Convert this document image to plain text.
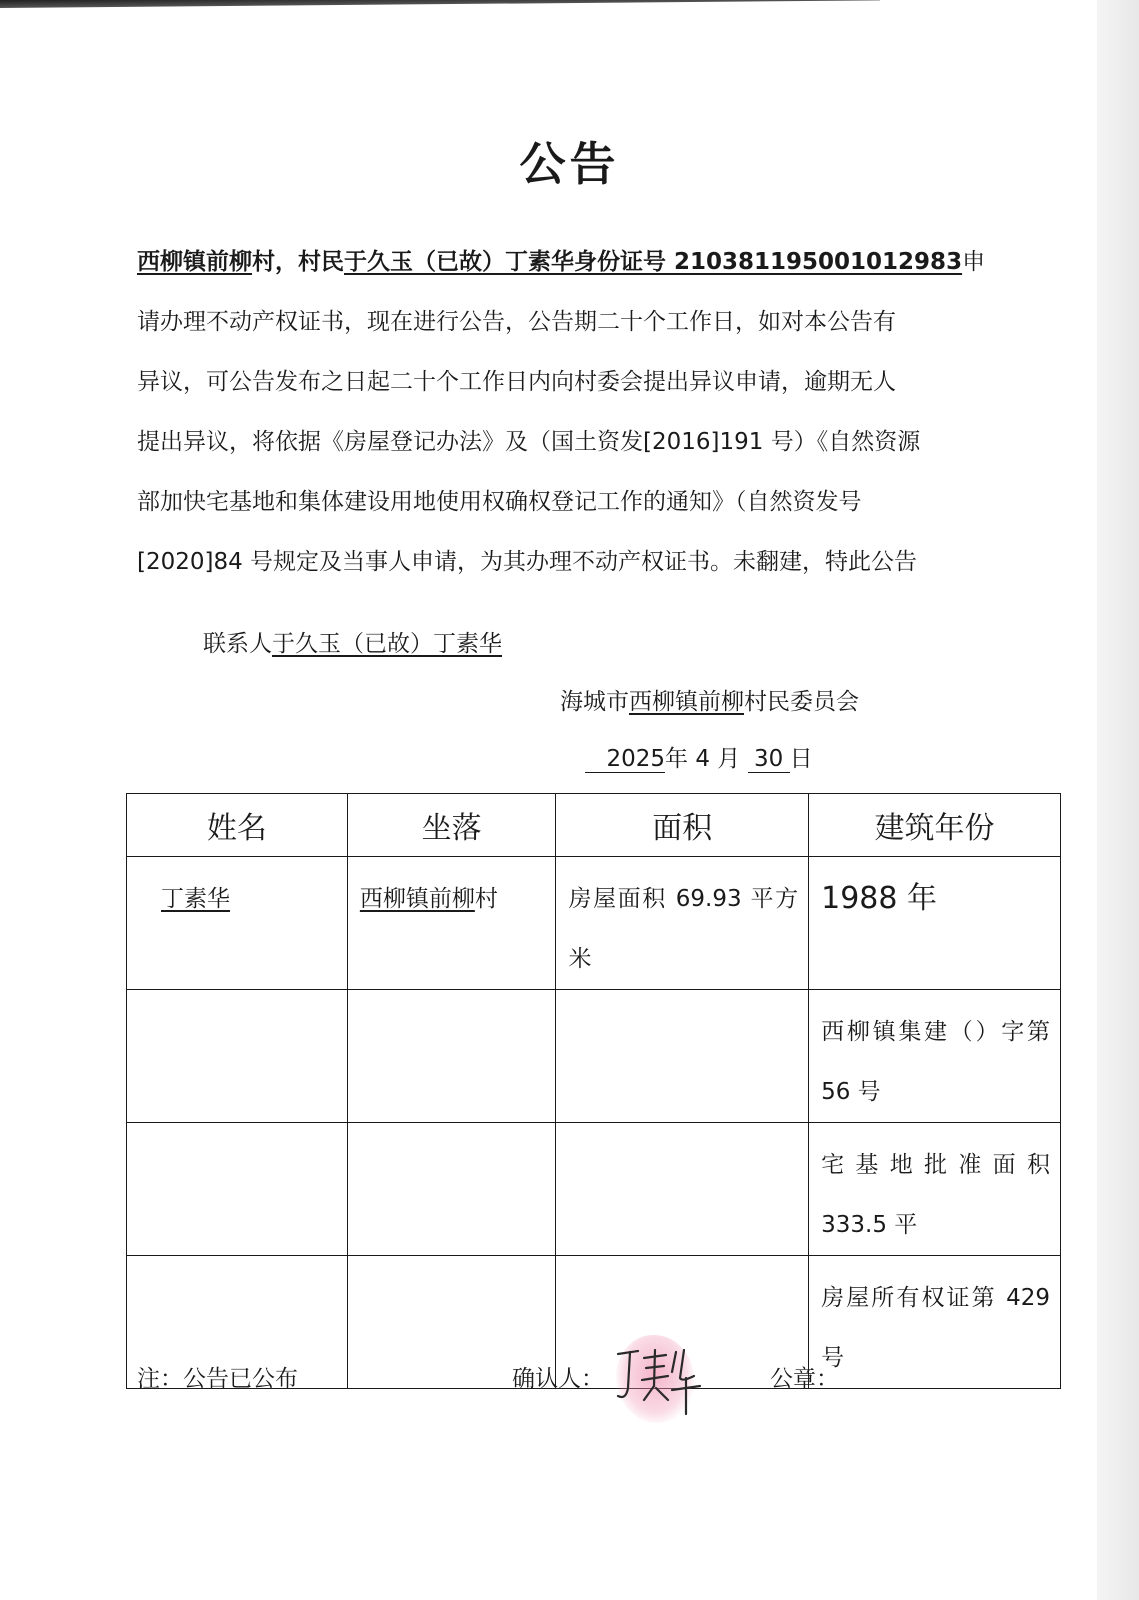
公告
西柳镇前柳村，村民于久玉（已故）丁素华身份证号 210381195001012983申
请办理不动产权证书，现在进行公告，公告期二十个工作日，如对本公告有
异议，可公告发布之日起二十个工作日内向村委会提出异议申请，逾期无人
提出异议，将依据《房屋登记办法》及（国土资发[2016]191 号）《自然资源
部加快宅基地和集体建设用地使用权确权登记工作的通知》（自然资发号
[2020]84 号规定及当事人申请，为其办理不动产权证书。未翻建，特此公告
联系人于久玉（已故）丁素华
海城市西柳镇前柳村民委员会
2025年 4 月 30 日
姓名	坐落	面积	建筑年份
丁素华	西柳镇前柳村	房屋面积 69.93 平方米	1988 年
			西柳镇集建（）字第 56 号
			宅基地批准面积 333.5 平
			房屋所有权证第 429 号
注：公告已公布	确认人：	公章：
